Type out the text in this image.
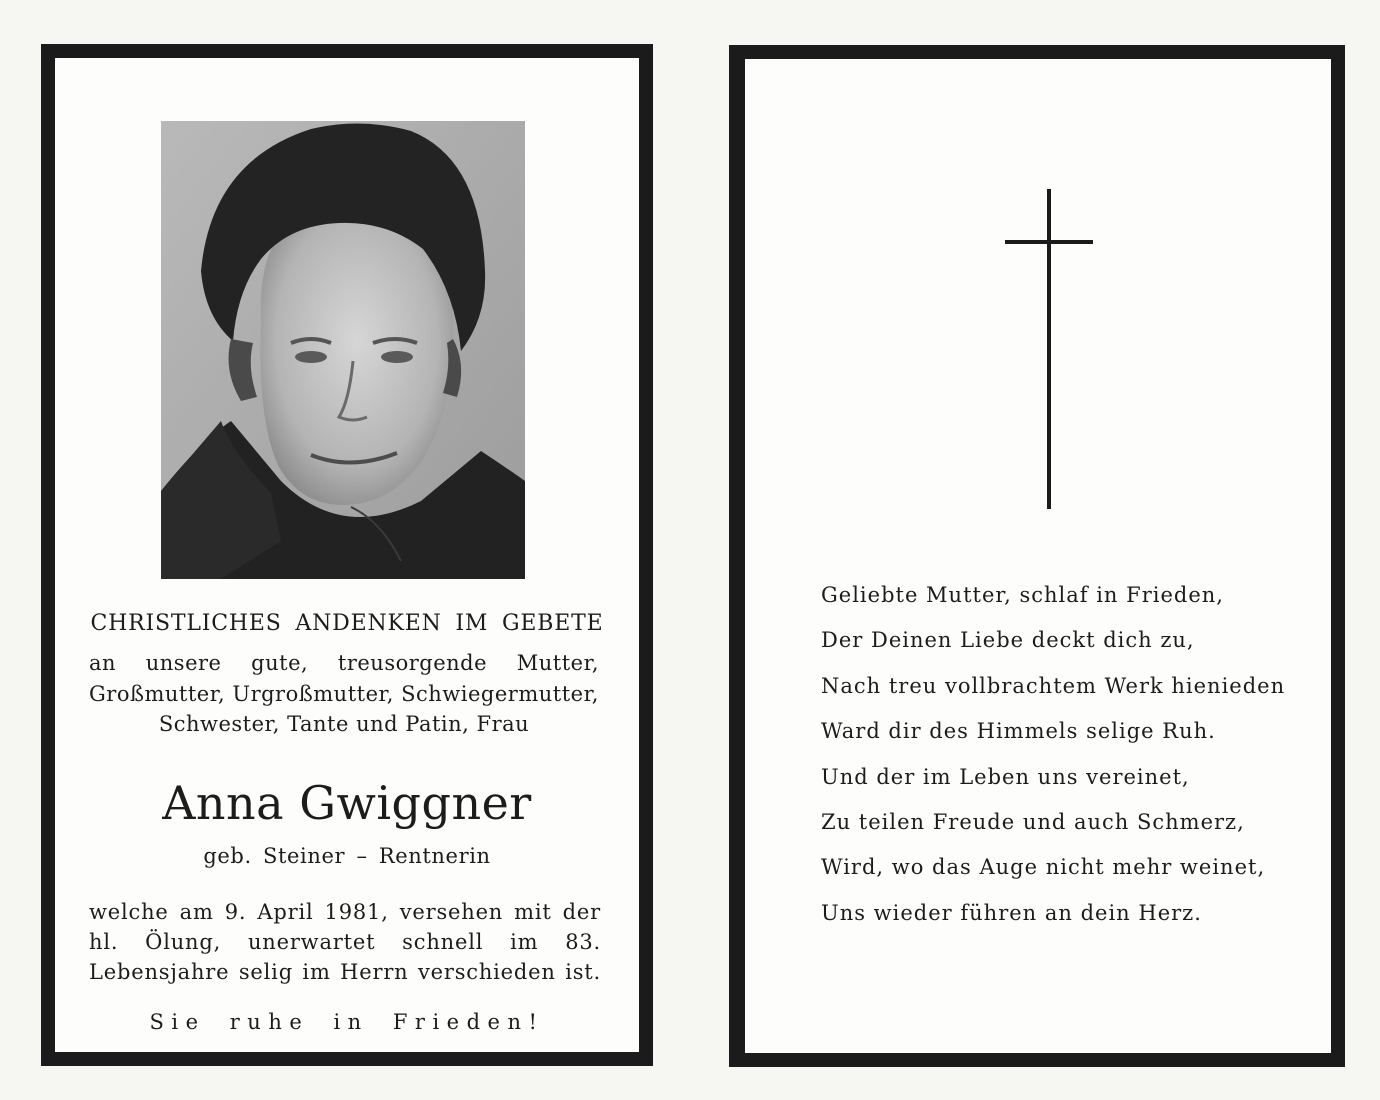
CHRISTLICHES ANDENKEN IM GEBETE
an unsere gute, treusorgende Mutter, Großmutter, Urgroßmutter, Schwiegermutter, Schwester, Tante und Patin, Frau
Anna Gwiggner
geb. Steiner – Rentnerin
welche am 9. April 1981, versehen mit der hl. Ölung, unerwartet schnell im 83. Lebensjahre selig im Herrn verschieden ist.
Sie ruhe in Frieden!
Geliebte Mutter, schlaf in Frieden,
Der Deinen Liebe deckt dich zu,
Nach treu vollbrachtem Werk hienieden
Ward dir des Himmels selige Ruh.
Und der im Leben uns vereinet,
Zu teilen Freude und auch Schmerz,
Wird, wo das Auge nicht mehr weinet,
Uns wieder führen an dein Herz.
